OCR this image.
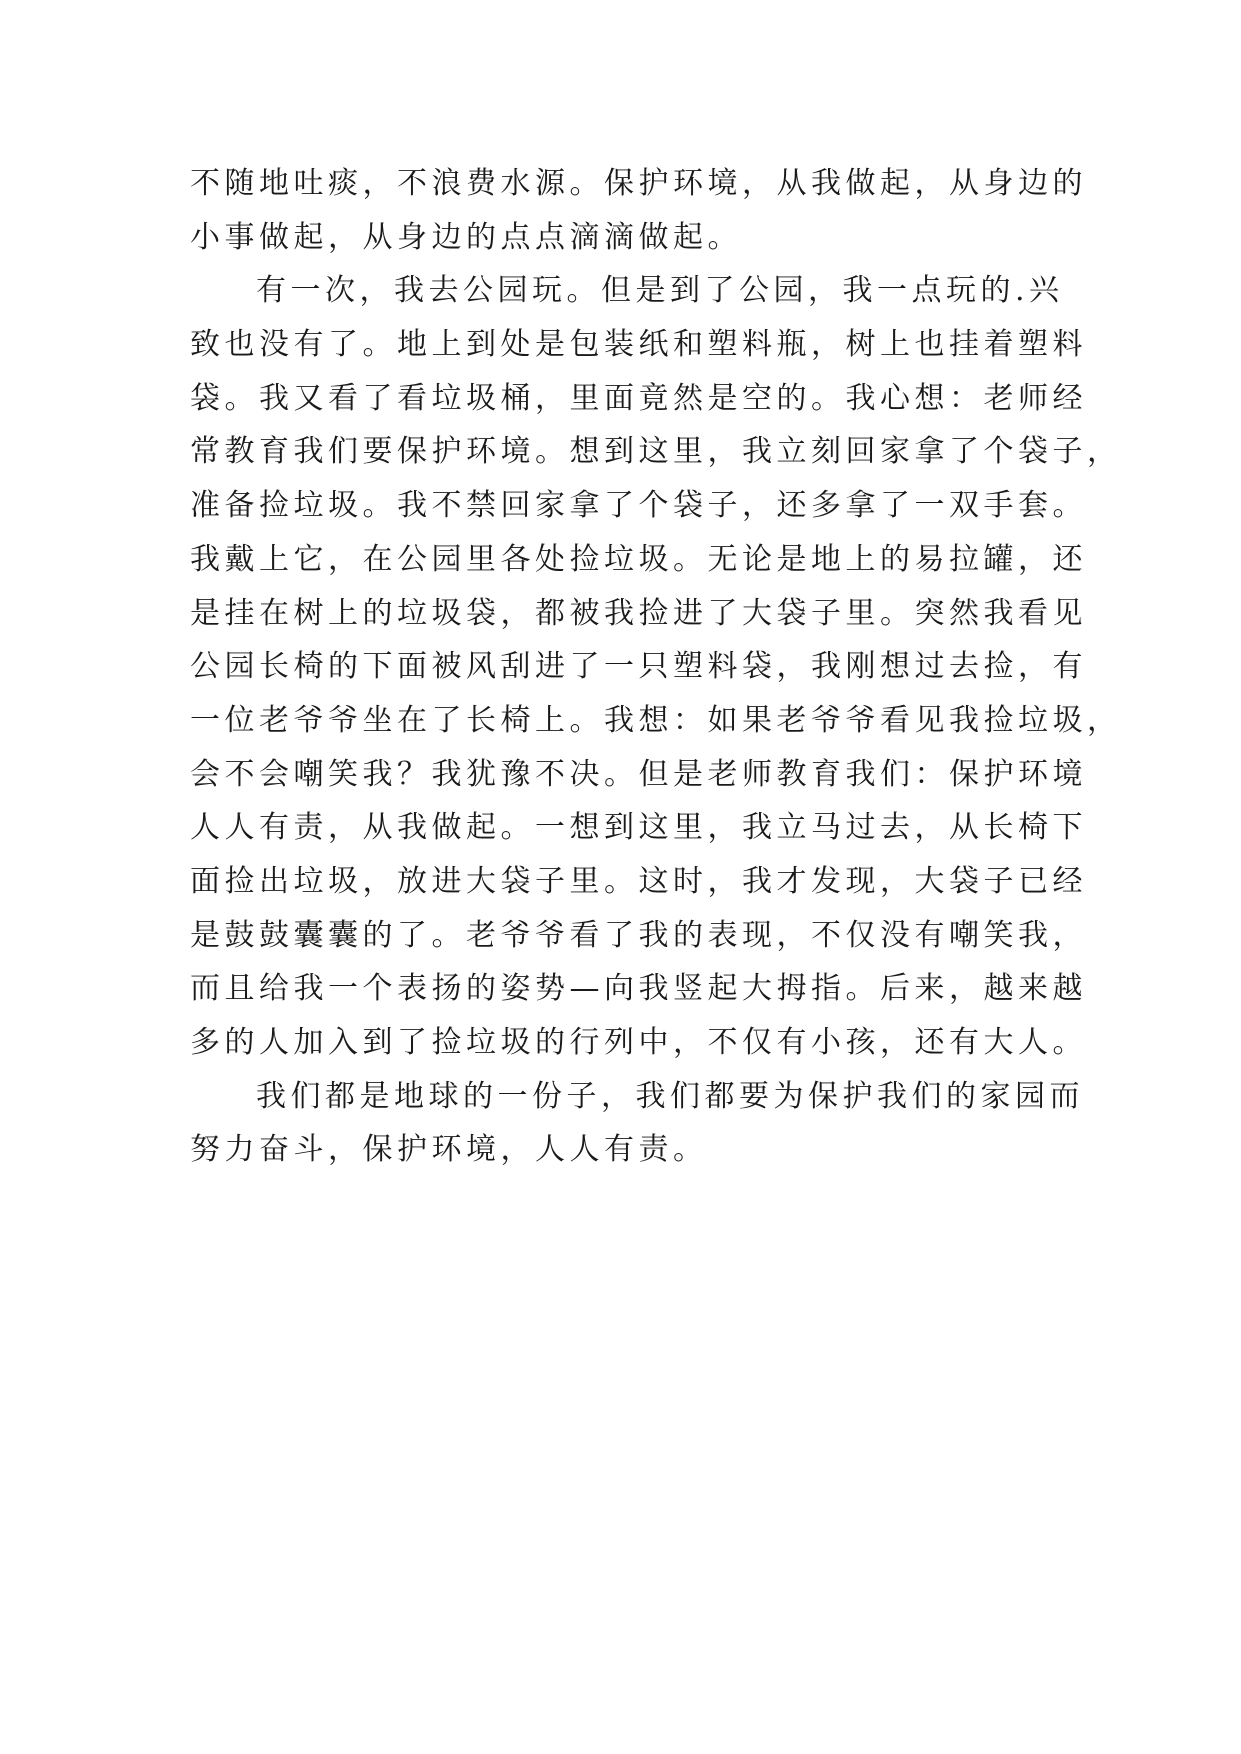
不随地吐痰，不浪费水源。保护环境，从我做起，从身边的
小事做起，从身边的点点滴滴做起。
有一次，我去公园玩。但是到了公园，我一点玩的.兴
致也没有了。地上到处是包装纸和塑料瓶，树上也挂着塑料
袋。我又看了看垃圾桶，里面竟然是空的。我心想：老师经
常教育我们要保护环境。想到这里，我立刻回家拿了个袋子，
准备捡垃圾。我不禁回家拿了个袋子，还多拿了一双手套。
我戴上它，在公园里各处捡垃圾。无论是地上的易拉罐，还
是挂在树上的垃圾袋，都被我捡进了大袋子里。突然我看见
公园长椅的下面被风刮进了一只塑料袋，我刚想过去捡，有
一位老爷爷坐在了长椅上。我想：如果老爷爷看见我捡垃圾，
会不会嘲笑我？我犹豫不决。但是老师教育我们：保护环境
人人有责，从我做起。一想到这里，我立马过去，从长椅下
面捡出垃圾，放进大袋子里。这时，我才发现，大袋子已经
是鼓鼓囊囊的了。老爷爷看了我的表现，不仅没有嘲笑我，
而且给我一个表扬的姿势—向我竖起大拇指。后来，越来越
多的人加入到了捡垃圾的行列中，不仅有小孩，还有大人。
我们都是地球的一份子，我们都要为保护我们的家园而
努力奋斗，保护环境，人人有责。
